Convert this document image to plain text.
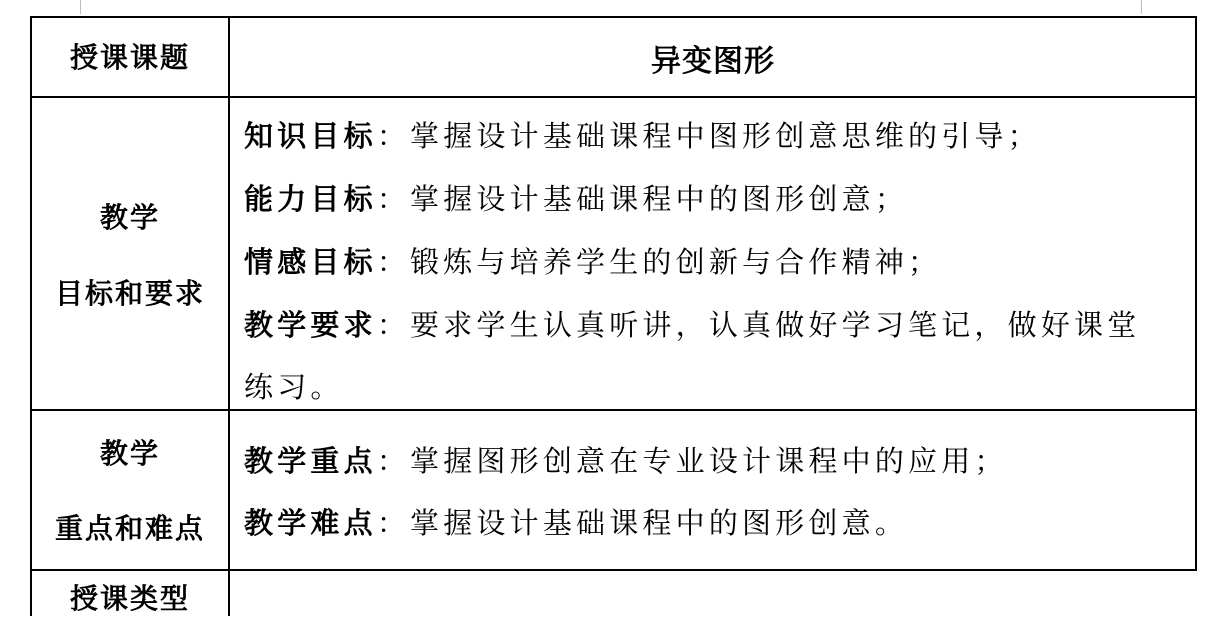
授课课题	异变图形
教学
目标和要求
知识目标：掌握设计基础课程中图形创意思维的引导；
能力目标：掌握设计基础课程中的图形创意；
情感目标：锻炼与培养学生的创新与合作精神；
教学要求：要求学生认真听讲，认真做好学习笔记，做好课堂
练习。
教学
重点和难点
教学重点：掌握图形创意在专业设计课程中的应用；
教学难点：掌握设计基础课程中的图形创意。
授课类型
